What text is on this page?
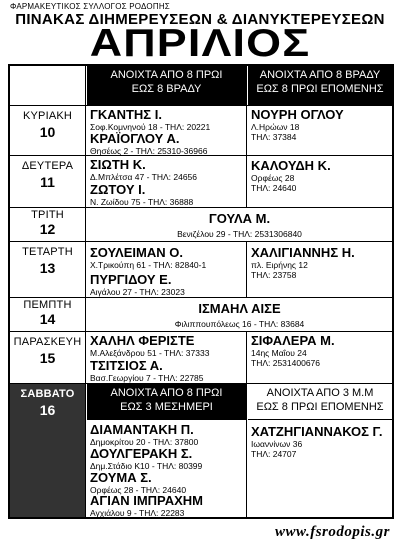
ΦΑΡΜΑΚΕΥΤΙΚΟΣ ΣΥΛΛΟΓΟΣ ΡΟΔΟΠΗΣ
ΠΙΝΑΚΑΣ ΔΙΗΜΕΡΕΥΣΕΩΝ & ΔΙΑΝΥΚΤΕΡΕΥΣΕΩΝ
ΑΠΡΙΛΙΟΣ
ΑΝΟΙΧΤΑ ΑΠΟ 8 ΠΡΩΙ
ΕΩΣ 8 ΒΡΑΔΥ
ΑΝΟΙΧΤΑ ΑΠΟ 8 ΒΡΑΔΥ
ΕΩΣ 8 ΠΡΩΙ ΕΠΟΜΕΝΗΣ
ΚΥΡΙΑΚΗ
10
ΓΚΑΝΤΗΣ Ι.
Σοφ.Κομνηνού 18 - ΤΗΛ: 20221
ΚΡΑΪΟΓΛΟΥ Α.
Θησέως 2 - ΤΗΛ: 25310-36966
ΝΟΥΡΗ ΟΓΛΟΥ
Λ.Ηρώων 18
ΤΗΛ: 37384
ΔΕΥΤΕΡΑ
11
ΣΙΩΤΗ Κ.
Δ.Μπλέτσα 47 - ΤΗΛ: 24656
ΖΩΤΟΥ Ι.
Ν. Ζωίδου 75 - ΤΗΛ: 36888
ΚΑΛΟΥΔΗ Κ.
Ορφέως 28
ΤΗΛ: 24640
ΤΡΙΤΗ
12
ΓΟΥΛΑ Μ.
Βενιζέλου 29 - ΤΗΛ: 2531306840
ΤΕΤΑΡΤΗ
13
ΣΟΥΛΕΙΜΑΝ Ο.
Χ.Τρικούπη 61 - ΤΗΛ: 82840-1
ΠΥΡΓΙΔΟΥ Ε.
Αιγάλου 27 - ΤΗΛ: 23023
ΧΑΛΙΓΙΑΝΝΗΣ Η.
πλ. Ειρήνης 12
ΤΗΛ: 23758
ΠΕΜΠΤΗ
14
ΙΣΜΑΗΛ ΑΙΣΕ
Φιλιππουπόλεως 16 - ΤΗΛ: 83684
ΠΑΡΑΣΚΕΥΗ
15
ΧΑΛΗΛ ΦΕΡΙΣΤΕ
Μ.Αλεξάνδρου 51 - ΤΗΛ: 37333
ΤΣΙΤΣΙΟΣ Α.
Βασ.Γεωργίου 7 - ΤΗΛ: 22785
ΣΙΦΑΛΕΡΑ Μ.
14ης Μαΐου 24
ΤΗΛ: 2531400676
ΣΑΒΒΑΤΟ
16
ΑΝΟΙΧΤΑ ΑΠΟ 8 ΠΡΩΙ
ΕΩΣ 3 ΜΕΣΗΜΕΡΙ
ΔΙΑΜΑΝΤΑΚΗ Π.
Δημοκρίτου 20 - ΤΗΛ: 37800
ΔΟΥΛΓΕΡΑΚΗ Σ.
Δημ.Στάδιο Κ10 - ΤΗΛ: 80399
ΖΟΥΜΑ Σ.
Ορφέως 28 - ΤΗΛ: 24640
ΑΓΙΑΝ ΙΜΠΡΑΧΗΜ
Αγχιάλου 9 - ΤΗΛ: 22283
ΑΝΟΙΧΤΑ ΑΠΟ 3 Μ.Μ
ΕΩΣ 8 ΠΡΩΙ ΕΠΟΜΕΝΗΣ
ΧΑΤΖΗΓΙΑΝΝΑΚΟΣ Γ.
Ιωαννίνων 36
ΤΗΛ: 24707
www.fsrodopis.gr
